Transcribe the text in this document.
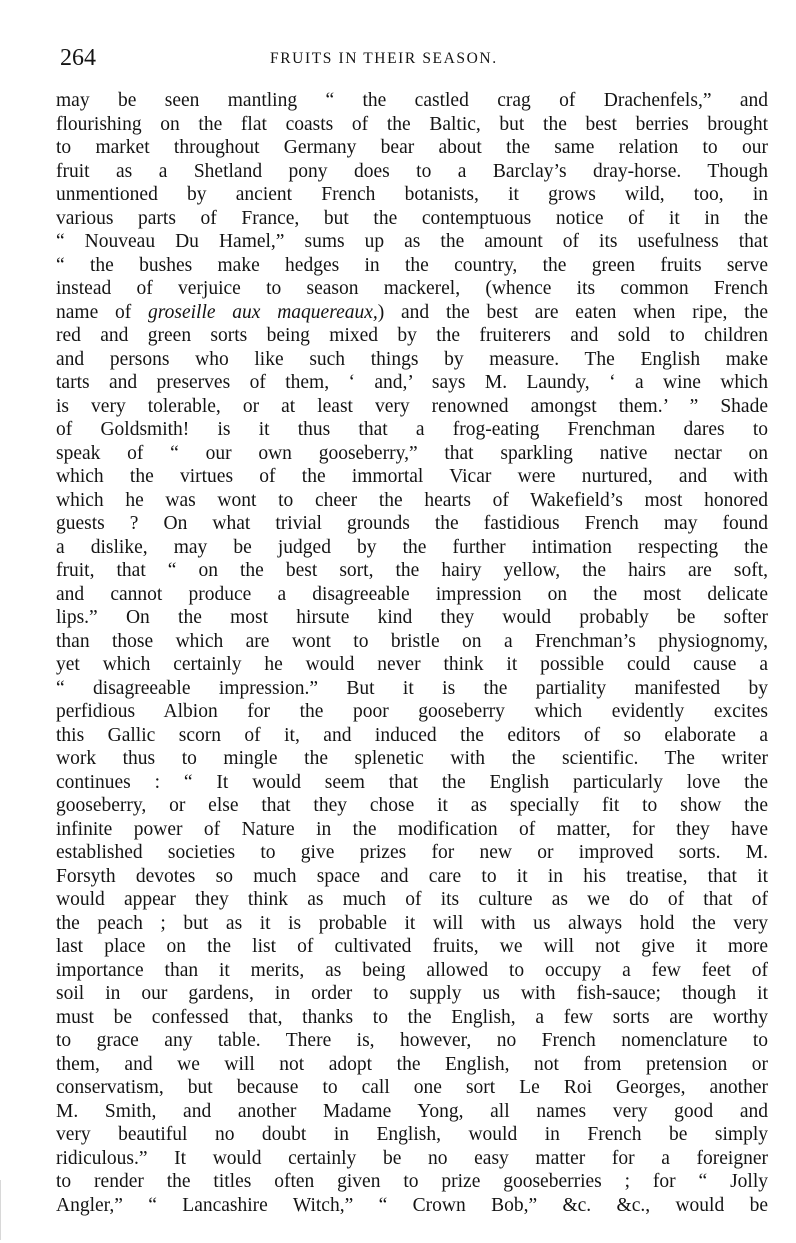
264	FRUITS IN THEIR SEASON.
may be seen mantling “ the castled crag of Drachenfels,” and
flourishing on the flat coasts of the Baltic, but the best berries brought
to market throughout Germany bear about the same relation to our
fruit as a Shetland pony does to a Barclay’s dray-horse. Though
unmentioned by ancient French botanists, it grows wild, too, in
various parts of France, but the contemptuous notice of it in the
“ Nouveau Du Hamel,” sums up as the amount of its usefulness that
“ the bushes make hedges in the country, the green fruits serve
instead of verjuice to season mackerel, (whence its common French
name of groseille aux maquereaux,) and the best are eaten when ripe, the
red and green sorts being mixed by the fruiterers and sold to children
and persons who like such things by measure. The English make
tarts and preserves of them, ‘ and,’ says M. Laundy, ‘ a wine which
is very tolerable, or at least very renowned amongst them.’ ” Shade
of Goldsmith! is it thus that a frog-eating Frenchman dares to
speak of “ our own gooseberry,” that sparkling native nectar on
which the virtues of the immortal Vicar were nurtured, and with
which he was wont to cheer the hearts of Wakefield’s most honored
guests ? On what trivial grounds the fastidious French may found
a dislike, may be judged by the further intimation respecting the
fruit, that “ on the best sort, the hairy yellow, the hairs are soft,
and cannot produce a disagreeable impression on the most delicate
lips.” On the most hirsute kind they would probably be softer
than those which are wont to bristle on a Frenchman’s physiognomy,
yet which certainly he would never think it possible could cause a
“ disagreeable impression.” But it is the partiality manifested by
perfidious Albion for the poor gooseberry which evidently excites
this Gallic scorn of it, and induced the editors of so elaborate a
work thus to mingle the splenetic with the scientific. The writer
continues : “ It would seem that the English particularly love the
gooseberry, or else that they chose it as specially fit to show the
infinite power of Nature in the modification of matter, for they have
established societies to give prizes for new or improved sorts. M.
Forsyth devotes so much space and care to it in his treatise, that it
would appear they think as much of its culture as we do of that of
the peach ; but as it is probable it will with us always hold the very
last place on the list of cultivated fruits, we will not give it more
importance than it merits, as being allowed to occupy a few feet of
soil in our gardens, in order to supply us with fish-sauce; though it
must be confessed that, thanks to the English, a few sorts are worthy
to grace any table. There is, however, no French nomenclature to
them, and we will not adopt the English, not from pretension or
conservatism, but because to call one sort Le Roi Georges, another
M. Smith, and another Madame Yong, all names very good and
very beautiful no doubt in English, would in French be simply
ridiculous.” It would certainly be no easy matter for a foreigner
to render the titles often given to prize gooseberries ; for “ Jolly
Angler,” “ Lancashire Witch,” “ Crown Bob,” &c. &c., would be
